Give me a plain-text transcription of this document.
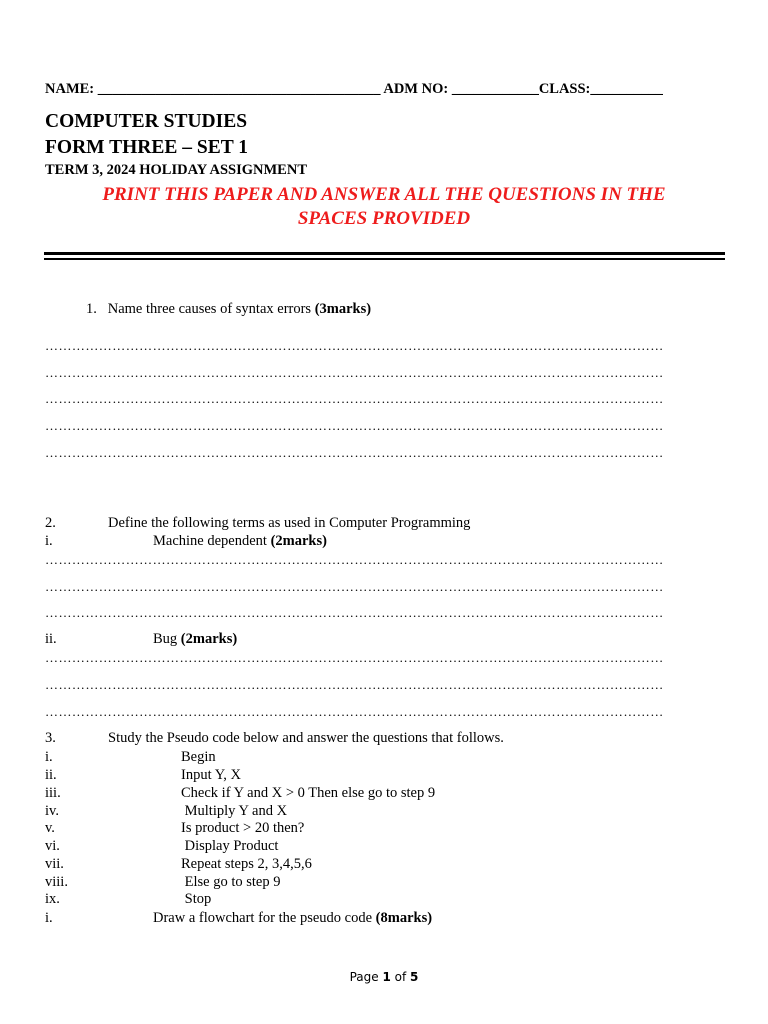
NAME: _______________________________________ ADM NO: ____________CLASS:__________
COMPUTER STUDIES
FORM THREE – SET 1
TERM 3, 2024 HOLIDAY ASSIGNMENT
PRINT THIS PAPER AND ANSWER ALL THE QUESTIONS IN THE
SPACES PROVIDED
1. Name three causes of syntax errors (3marks)
…………………………………………………………………………………………………………………………
…………………………………………………………………………………………………………………………
…………………………………………………………………………………………………………………………
…………………………………………………………………………………………………………………………
…………………………………………………………………………………………………………………………
2.	Define the following terms as used in Computer Programming
i.	Machine dependent (2marks)
…………………………………………………………………………………………………………………………
…………………………………………………………………………………………………………………………
…………………………………………………………………………………………………………………………
ii.	Bug (2marks)
…………………………………………………………………………………………………………………………
…………………………………………………………………………………………………………………………
…………………………………………………………………………………………………………………………
3.	Study the Pseudo code below and answer the questions that follows.
i.	Begin
ii.	Input Y, X
iii.	Check if Y and X > 0 Then else go to step 9
iv.	Multiply Y and X
v.	Is product > 20 then?
vi.	Display Product
vii.	Repeat steps 2, 3,4,5,6
viii.	Else go to step 9
ix.	Stop
i.	Draw a flowchart for the pseudo code (8marks)
Page 1 of 5
